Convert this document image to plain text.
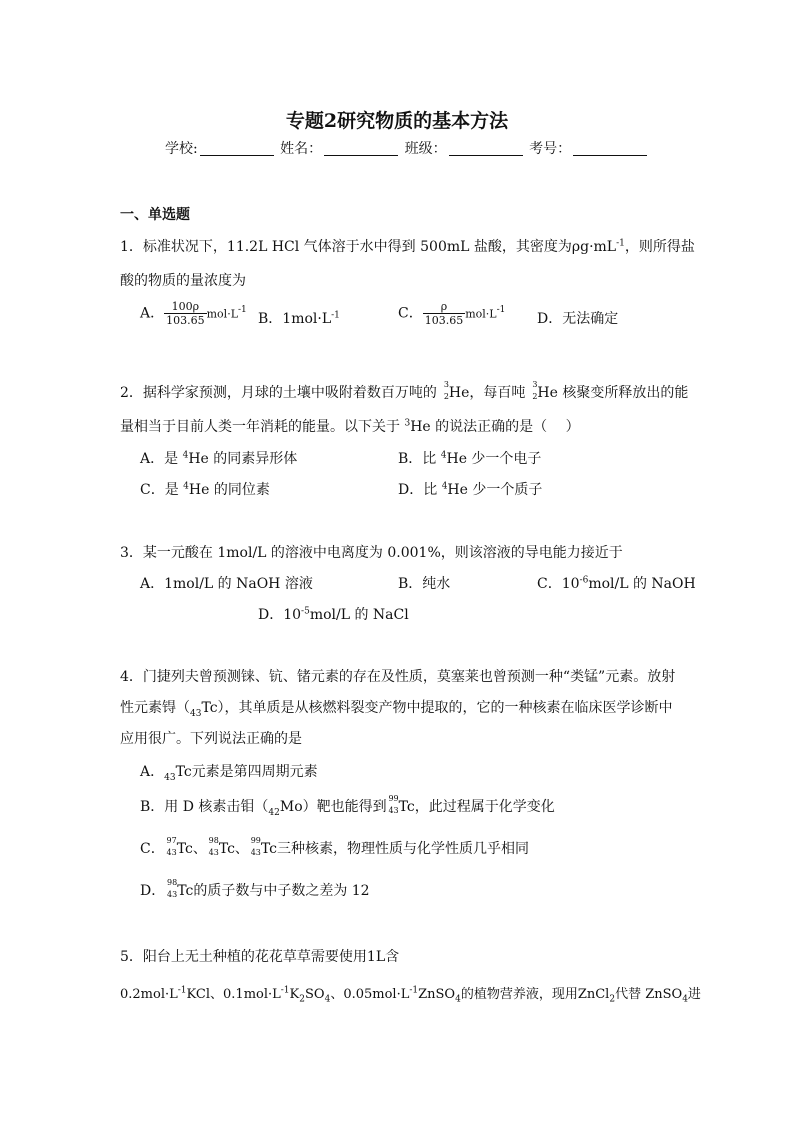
专题2研究物质的基本方法
学校:	姓名：	班级：	考号：
一、单选题
1．标准状况下，11.2L HCl 气体溶于水中得到 500mL 盐酸，其密度为$\rho g\cdot mL^{-1}$，则所得盐
酸的物质的量浓度为
A． $\frac{100\rho}{103.65} mol\cdot L^{-1}$
B．$1mol\cdot L^{-1}$	C． $\frac{\rho}{103.65} mol\cdot L^{-1}$
D．无法确定
2．据科学家预测，月球的土壤中吸附着数百万吨的
3
2 He，每百吨
3
2 He 核聚变所释放出的能
量相当于目前人类一年消耗的能量。以下关于 $^3$He 的说法正确的是（　 ）
A．是 $^4$He 的同素异形体	B．比 $^4$He 少一个电子
C．是 $^4$He 的同位素	D．比 $^4$He 少一个质子
3．某一元酸在 1mol/L 的溶液中电离度为 0.001%，则该溶液的导电能力接近于
A．1mol/L 的 NaOH 溶液	B．纯水	C．$10^{-6}mol/L$ 的 NaOH
D．$10^{-5}mol/L$ 的 NaCl
4．门捷列夫曾预测铼、钪、锗元素的存在及性质，莫塞莱也曾预测一种“类锰”元素。放射
性元素锝$(_{43}Tc)$，其单质是从核燃料裂变产物中提取的，它的一种核素在临床医学诊断中
应用很广。下列说法正确的是
A．$_{43}$Tc元素是第四周期元素
B．用 D 核素击钼$(_{42}Mo)$靶也能得到
99
43 Tc，此过程属于化学变化
C．
97
43 Tc、
98
43 Tc、
99
43 Tc三种核素，物理性质与化学性质几乎相同
D．
98
43 Tc的质子数与中子数之差为 12
5．阳台上无土种植的花花草草需要使用1L含
$0.2mol\cdot L^{-1}KCl$、$0.1mol\cdot L^{-1}K_2SO_4$、$0.05mol\cdot L^{-1}ZnSO_4$的植物营养液，现用ZnCl$_2$代替 ZnSO$_4$进
